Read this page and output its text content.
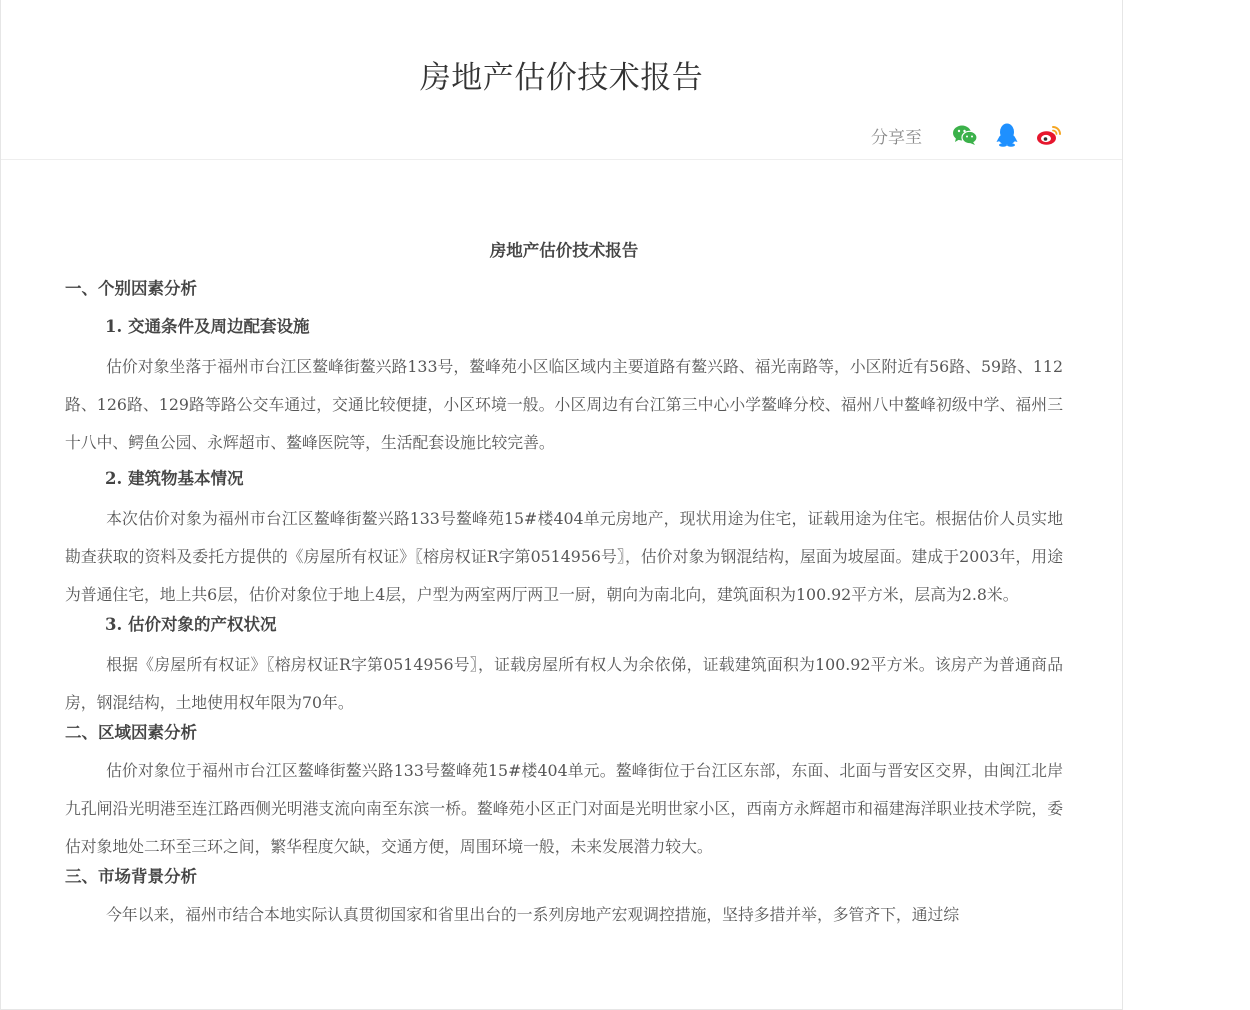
房地产估价技术报告
分享至
房地产估价技术报告
一、个别因素分析
1. 交通条件及周边配套设施

估价对象坐落于福州市台江区鳌峰街鳌兴路133号，鳌峰苑小区临区域内主要道路有鳌兴路、福光南路等，小区附近有56路、59路、112路、126路、129路等路公交车通过，交通比较便捷，小区环境一般。小区周边有台江第三中心小学鳌峰分校、福州八中鳌峰初级中学、福州三十八中、鳄鱼公园、永辉超市、鳌峰医院等，生活配套设施比较完善。

2. 建筑物基本情况

本次估价对象为福州市台江区鳌峰街鳌兴路133号鳌峰苑15#楼404单元房地产，现状用途为住宅，证载用途为住宅。根据估价人员实地勘查获取的资料及委托方提供的《房屋所有权证》〖榕房权证R字第0514956号〗，估价对象为钢混结构，屋面为坡屋面。建成于2003年，用途为普通住宅，地上共6层，估价对象位于地上4层，户型为两室两厅两卫一厨，朝向为南北向，建筑面积为100.92平方米，层高为2.8米。

3. 估价对象的产权状况

根据《房屋所有权证》〖榕房权证R字第0514956号〗，证载房屋所有权人为余依俤，证载建筑面积为100.92平方米。该房产为普通商品房，钢混结构，土地使用权年限为70年。

二、区域因素分析

估价对象位于福州市台江区鳌峰街鳌兴路133号鳌峰苑15#楼404单元。鳌峰街位于台江区东部，东面、北面与晋安区交界，由闽江北岸九孔闸沿光明港至连江路西侧光明港支流向南至东滨一桥。鳌峰苑小区正门对面是光明世家小区，西南方永辉超市和福建海洋职业技术学院，委估对象地处二环至三环之间，繁华程度欠缺，交通方便，周围环境一般，未来发展潜力较大。

三、市场背景分析

今年以来，福州市结合本地实际认真贯彻国家和省里出台的一系列房地产宏观调控措施，坚持多措并举，多管齐下，通过综
